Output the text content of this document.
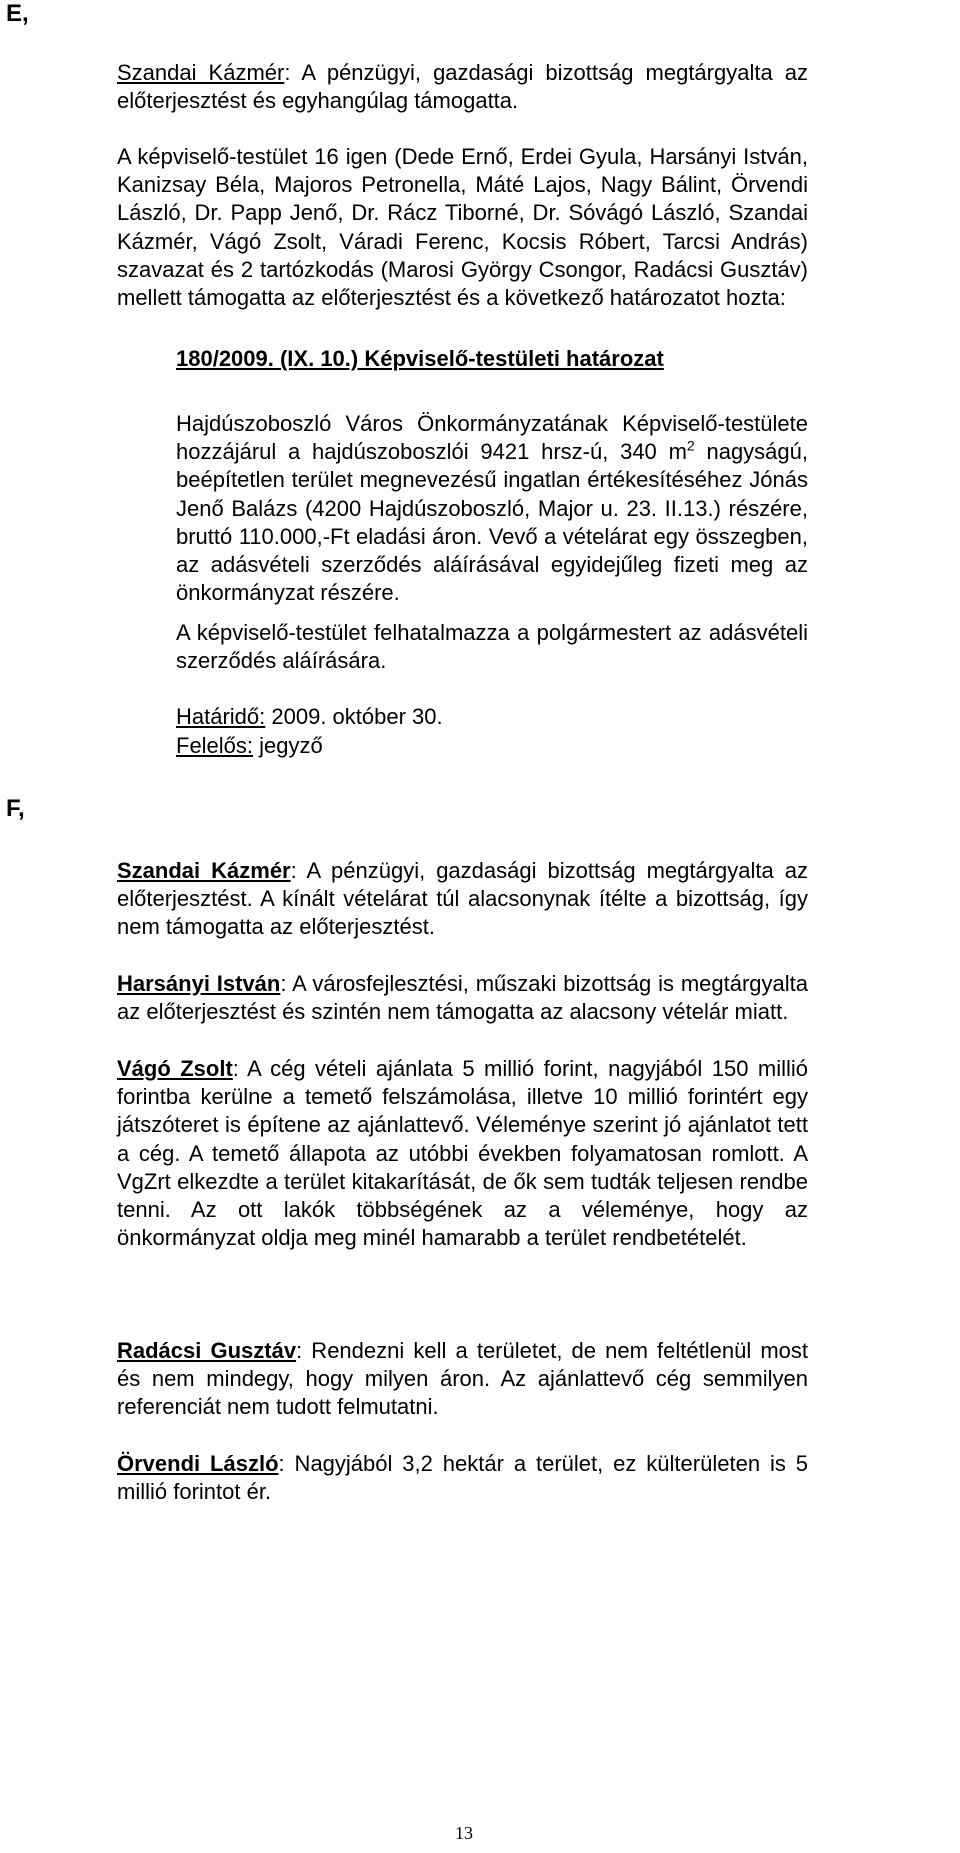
E,

Szandai Kázmér: A pénzügyi, gazdasági bizottság megtárgyalta az előterjesztést és egyhangúlag támogatta.

A képviselő-testület 16 igen (Dede Ernő, Erdei Gyula, Harsányi István, Kanizsay Béla, Majoros Petronella, Máté Lajos, Nagy Bálint, Örvendi László, Dr. Papp Jenő, Dr. Rácz Tiborné, Dr. Sóvágó László, Szandai Kázmér, Vágó Zsolt, Váradi Ferenc, Kocsis Róbert, Tarcsi András) szavazat és 2 tartózkodás (Marosi György Csongor, Radácsi Gusztáv) mellett támogatta az előterjesztést és a következő határozatot hozta:

180/2009. (IX. 10.) Képviselő-testületi határozat

Hajdúszoboszló Város Önkormányzatának Képviselő-testülete hozzájárul a hajdúszoboszlói 9421 hrsz-ú, 340 $m^2$ nagyságú, beépítetlen terület megnevezésű ingatlan értékesítéséhez Jónás Jenő Balázs (4200 Hajdúszoboszló, Major u. 23. II.13.) részére, bruttó 110.000,-Ft eladási áron. Vevő a vételárat egy összegben, az adásvételi szerződés aláírásával egyidejűleg fizeti meg az önkormányzat részére.

A képviselő-testület felhatalmazza a polgármestert az adásvételi szerződés aláírására.

Határidő: 2009. október 30.
Felelős: jegyző
F,

Szandai Kázmér: A pénzügyi, gazdasági bizottság megtárgyalta az előterjesztést. A kínált vételárat túl alacsonynak ítélte a bizottság, így nem támogatta az előterjesztést.

Harsányi István: A városfejlesztési, műszaki bizottság is megtárgyalta az előterjesztést és szintén nem támogatta az alacsony vételár miatt.

Vágó Zsolt: A cég vételi ajánlata 5 millió forint, nagyjából 150 millió forintba kerülne a temető felszámolása, illetve 10 millió forintért egy játszóteret is építene az ajánlattevő. Véleménye szerint jó ajánlatot tett a cég. A temető állapota az utóbbi években folyamatosan romlott. A VgZrt elkezdte a terület kitakarítását, de ők sem tudták teljesen rendbe tenni. Az ott lakók többségének az a véleménye, hogy az önkormányzat oldja meg minél hamarabb a terület rendbetételét.

Radácsi Gusztáv: Rendezni kell a területet, de nem feltétlenül most és nem mindegy, hogy milyen áron. Az ajánlattevő cég semmilyen referenciát nem tudott felmutatni.

Örvendi László: Nagyjából 3,2 hektár a terület, ez külterületen is 5 millió forintot ér.

13
